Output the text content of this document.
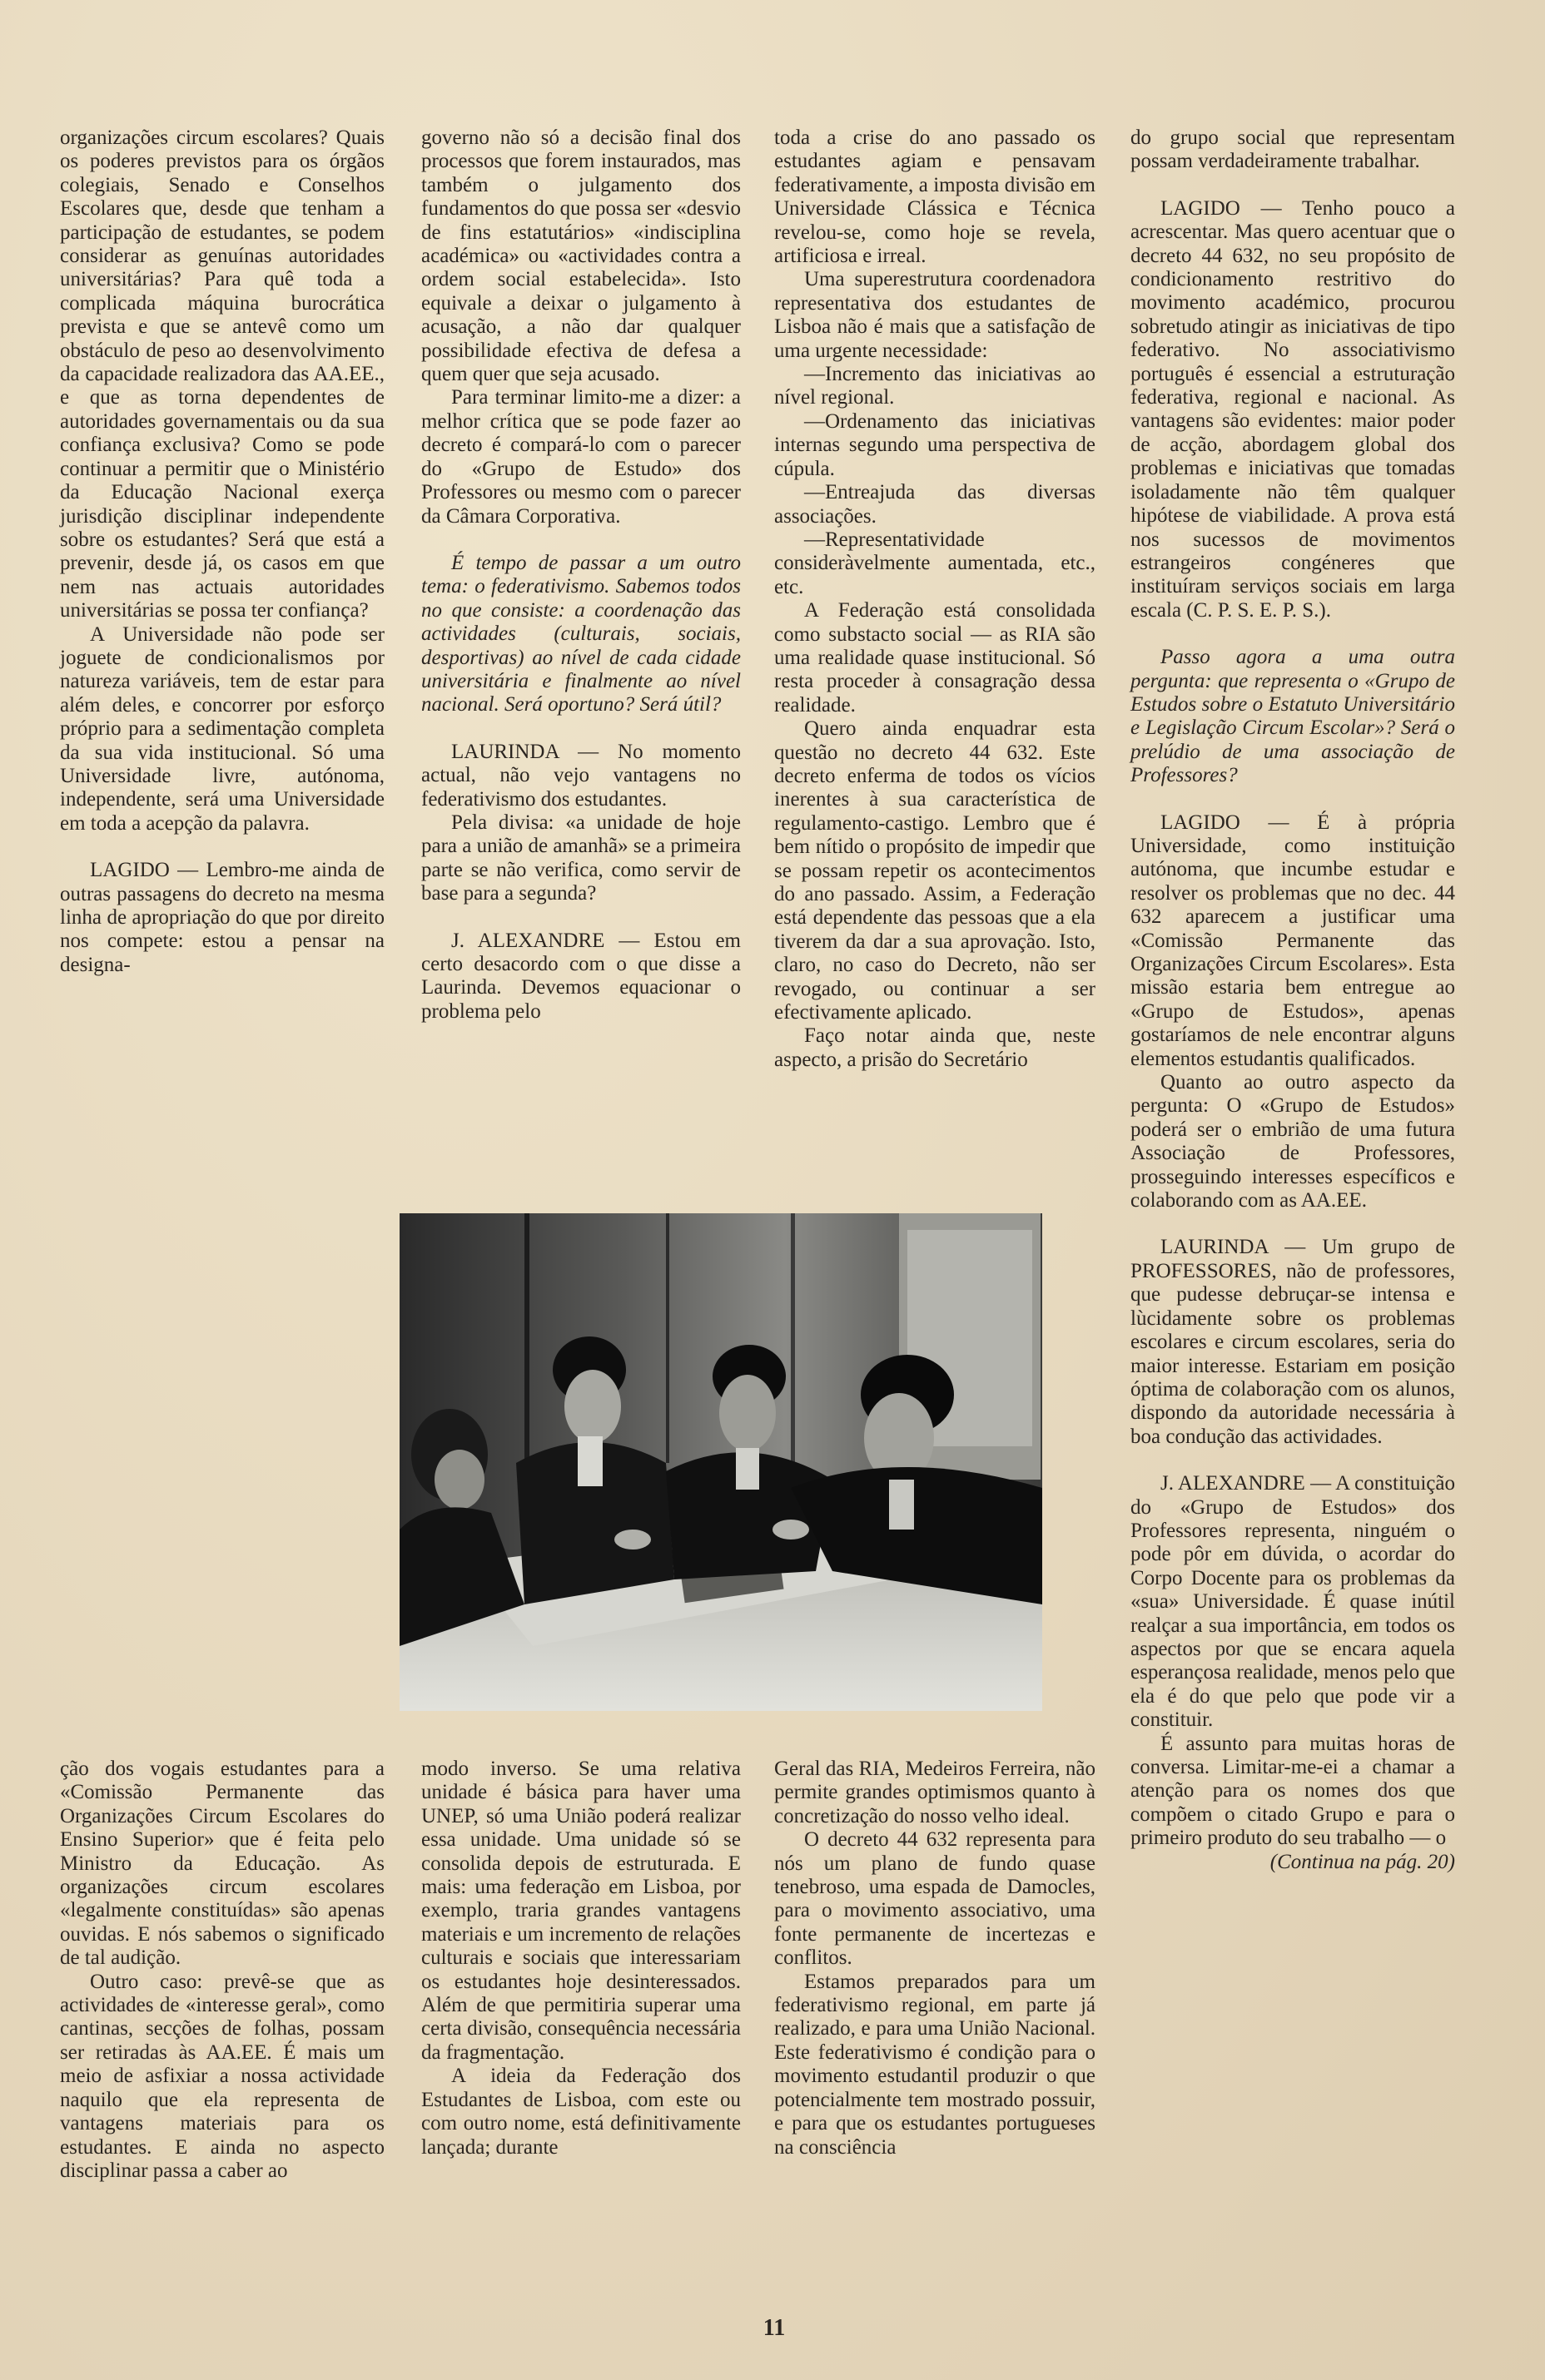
organizações circum escolares? Quais os poderes previstos para os órgãos colegiais, Senado e Conselhos Escolares que, desde que tenham a participação de estudantes, se podem considerar as genuínas autoridades universitárias? Para quê toda a complicada máquina burocrática prevista e que se antevê como um obstáculo de peso ao desenvolvimento da capacidade realizadora das AA.EE., e que as torna dependentes de autoridades governamentais ou da sua confiança exclusiva? Como se pode continuar a permitir que o Ministério da Educação Nacional exerça jurisdição disciplinar independente sobre os estudantes? Será que está a prevenir, desde já, os casos em que nem nas actuais autoridades universitárias se possa ter confiança?

A Universidade não pode ser joguete de condicionalismos por natureza variáveis, tem de estar para além deles, e concorrer por esforço próprio para a sedimentação completa da sua vida institucional. Só uma Universidade livre, autónoma, independente, será uma Universidade em toda a acepção da palavra.

LAGIDO — Lembro-me ainda de outras passagens do decreto na mesma linha de apropriação do que por direito nos compete: estou a pensar na designa-

governo não só a decisão final dos processos que forem instaurados, mas também o julgamento dos fundamentos do que possa ser «desvio de fins estatutários» «indisciplina académica» ou «actividades contra a ordem social estabelecida». Isto equivale a deixar o julgamento à acusação, a não dar qualquer possibilidade efectiva de defesa a quem quer que seja acusado.

Para terminar limito-me a dizer: a melhor crítica que se pode fazer ao decreto é compará-lo com o parecer do «Grupo de Estudo» dos Professores ou mesmo com o parecer da Câmara Corporativa.

É tempo de passar a um outro tema: o federativismo. Sabemos todos no que consiste: a coordenação das actividades (culturais, sociais, desportivas) ao nível de cada cidade universitária e finalmente ao nível nacional. Será oportuno? Será útil?

LAURINDA — No momento actual, não vejo vantagens no federativismo dos estudantes.

Pela divisa: «a unidade de hoje para a união de amanhã» se a primeira parte se não verifica, como servir de base para a segunda?

J. ALEXANDRE — Estou em certo desacordo com o que disse a Laurinda. Devemos equacionar o problema pelo

toda a crise do ano passado os estudantes agiam e pensavam federativamente, a imposta divisão em Universidade Clássica e Técnica revelou-se, como hoje se revela, artificiosa e irreal.

Uma superestrutura coordenadora representativa dos estudantes de Lisboa não é mais que a satisfação de uma urgente necessidade:

—Incremento das iniciativas ao nível regional.

—Ordenamento das iniciativas internas segundo uma perspectiva de cúpula.

—Entreajuda das diversas associações.

—Representatividade consideràvelmente aumentada, etc., etc.

A Federação está consolidada como substacto social — as RIA são uma realidade quase institucional. Só resta proceder à consagração dessa realidade.

Quero ainda enquadrar esta questão no decreto 44 632. Este decreto enferma de todos os vícios inerentes à sua característica de regulamento-castigo. Lembro que é bem nítido o propósito de impedir que se possam repetir os acontecimentos do ano passado. Assim, a Federação está dependente das pessoas que a ela tiverem da dar a sua aprovação. Isto, claro, no caso do Decreto, não ser revogado, ou continuar a ser efectivamente aplicado.

Faço notar ainda que, neste aspecto, a prisão do Secretário

do grupo social que representam possam verdadeiramente trabalhar.

LAGIDO — Tenho pouco a acrescentar. Mas quero acentuar que o decreto 44 632, no seu propósito de condicionamento restritivo do movimento académico, procurou sobretudo atingir as iniciativas de tipo federativo. No associativismo português é essencial a estruturação federativa, regional e nacional. As vantagens são evidentes: maior poder de acção, abordagem global dos problemas e iniciativas que tomadas isoladamente não têm qualquer hipótese de viabilidade. A prova está nos sucessos de movimentos estrangeiros congéneres que instituíram serviços sociais em larga escala (C. P. S. E. P. S.).

Passo agora a uma outra pergunta: que representa o «Grupo de Estudos sobre o Estatuto Universitário e Legislação Circum Escolar»? Será o prelúdio de uma associação de Professores?

LAGIDO — É à própria Universidade, como instituição autónoma, que incumbe estudar e resolver os problemas que no dec. 44 632 aparecem a justificar uma «Comissão Permanente das Organizações Circum Escolares». Esta missão estaria bem entregue ao «Grupo de Estudos», apenas gostaríamos de nele encontrar alguns elementos estudantis qualificados.

Quanto ao outro aspecto da pergunta: O «Grupo de Estudos» poderá ser o embrião de uma futura Associação de Professores, prosseguindo interesses específicos e colaborando com as AA.EE.

LAURINDA — Um grupo de PROFESSORES, não de professores, que pudesse debruçar-se intensa e lùcidamente sobre os problemas escolares e circum escolares, seria do maior interesse. Estariam em posição óptima de colaboração com os alunos, dispondo da autoridade necessária à boa condução das actividades.

J. ALEXANDRE — A constituição do «Grupo de Estudos» dos Professores representa, ninguém o pode pôr em dúvida, o acordar do Corpo Docente para os problemas da «sua» Universidade. É quase inútil realçar a sua importância, em todos os aspectos por que se encara aquela esperançosa realidade, menos pelo que ela é do que pelo que pode vir a constituir.

É assunto para muitas horas de conversa. Limitar-me-ei a chamar a atenção para os nomes dos que compõem o citado Grupo e para o primeiro produto do seu trabalho — o

(Continua na pág. 20)

ção dos vogais estudantes para a «Comissão Permanente das Organizações Circum Escolares do Ensino Superior» que é feita pelo Ministro da Educação. As organizações circum escolares «legalmente constituídas» são apenas ouvidas. E nós sabemos o significado de tal audição.

Outro caso: prevê-se que as actividades de «interesse geral», como cantinas, secções de folhas, possam ser retiradas às AA.EE. É mais um meio de asfixiar a nossa actividade naquilo que ela representa de vantagens materiais para os estudantes. E ainda no aspecto disciplinar passa a caber ao

modo inverso. Se uma relativa unidade é básica para haver uma UNEP, só uma União poderá realizar essa unidade. Uma unidade só se consolida depois de estruturada. E mais: uma federação em Lisboa, por exemplo, traria grandes vantagens materiais e um incremento de relações culturais e sociais que interessariam os estudantes hoje desinteressados. Além de que permitiria superar uma certa divisão, consequência necessária da fragmentação.

A ideia da Federação dos Estudantes de Lisboa, com este ou com outro nome, está definitivamente lançada; durante

Geral das RIA, Medeiros Ferreira, não permite grandes optimismos quanto à concretização do nosso velho ideal.

O decreto 44 632 representa para nós um plano de fundo quase tenebroso, uma espada de Damocles, para o movimento associativo, uma fonte permanente de incertezas e conflitos.

Estamos preparados para um federativismo regional, em parte já realizado, e para uma União Nacional. Este federativismo é condição para o movimento estudantil produzir o que potencialmente tem mostrado possuir, e para que os estudantes portugueses na consciência

11
